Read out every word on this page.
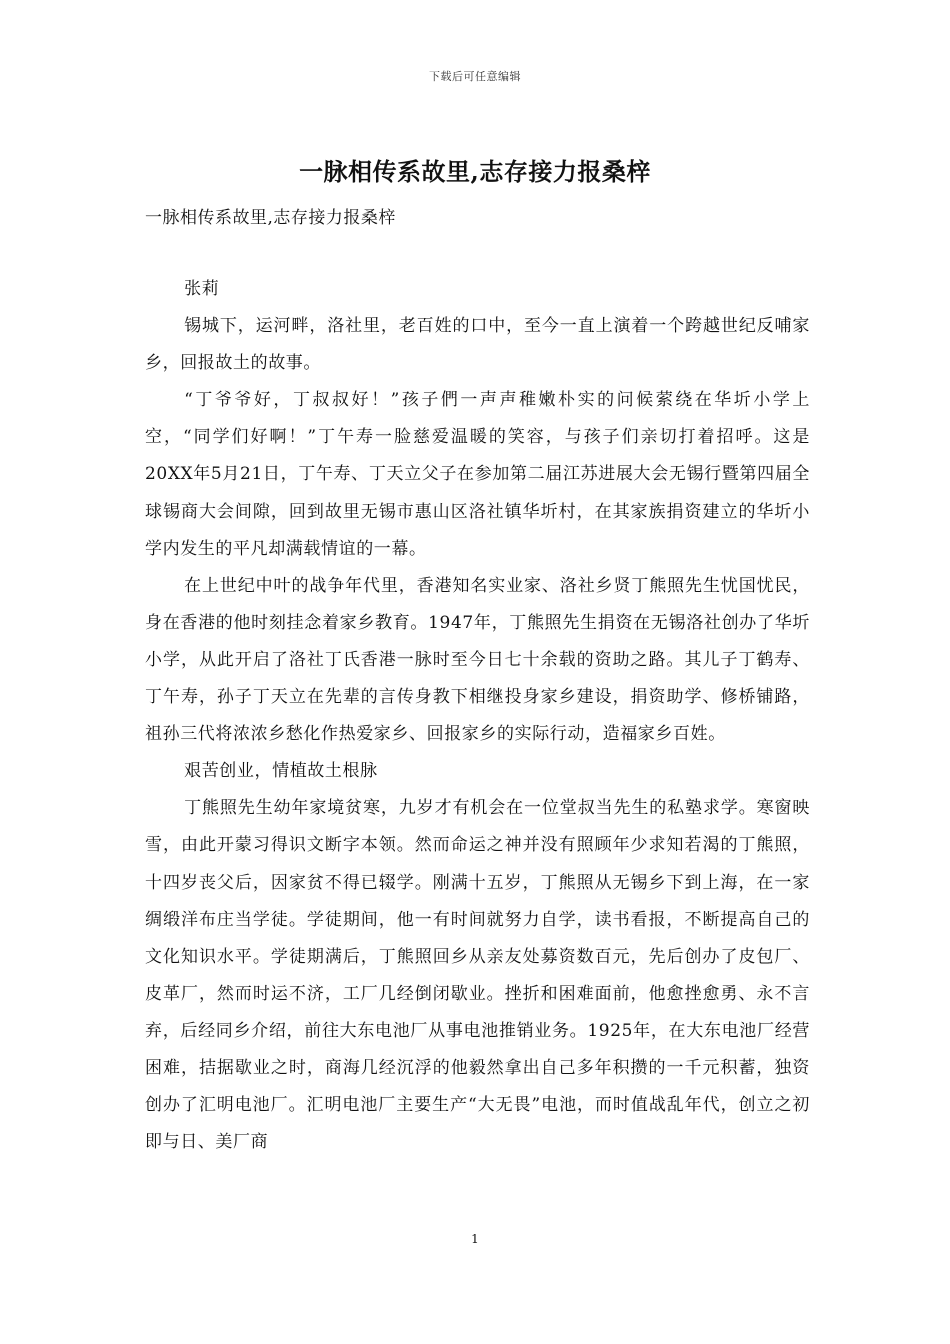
下载后可任意编辑
一脉相传系故里,志存接力报桑梓
一脉相传系故里,志存接力报桑梓

张莉

锡城下，运河畔，洛社里，老百姓的口中，至今一直上演着一个跨越世纪反哺家乡，回报故土的故事。

“丁爷爷好，丁叔叔好！”孩子們一声声稚嫩朴实的问候萦绕在华圻小学上空，“同学们好啊！”丁午寿一脸慈爱温暖的笑容，与孩子们亲切打着招呼。这是20XX年5月21日，丁午寿、丁天立父子在参加第二届江苏进展大会无锡行暨第四届全球锡商大会间隙，回到故里无锡市惠山区洛社镇华圻村，在其家族捐资建立的华圻小学内发生的平凡却满载情谊的一幕。

在上世纪中叶的战争年代里，香港知名实业家、洛社乡贤丁熊照先生忧国忧民，身在香港的他时刻挂念着家乡教育。1947年，丁熊照先生捐资在无锡洛社创办了华圻小学，从此开启了洛社丁氏香港一脉时至今日七十余载的资助之路。其儿子丁鹤寿、丁午寿，孙子丁天立在先辈的言传身教下相继投身家乡建设，捐资助学、修桥铺路，祖孙三代将浓浓乡愁化作热爱家乡、回报家乡的实际行动，造福家乡百姓。

艰苦创业，情植故土根脉

丁熊照先生幼年家境贫寒，九岁才有机会在一位堂叔当先生的私塾求学。寒窗映雪，由此开蒙习得识文断字本领。然而命运之神并没有照顾年少求知若渴的丁熊照，十四岁丧父后，因家贫不得已辍学。刚满十五岁，丁熊照从无锡乡下到上海，在一家绸缎洋布庄当学徒。学徒期间，他一有时间就努力自学，读书看报，不断提高自己的文化知识水平。学徒期满后，丁熊照回乡从亲友处募资数百元，先后创办了皮包厂、皮革厂，然而时运不济，工厂几经倒闭歇业。挫折和困难面前，他愈挫愈勇、永不言弃，后经同乡介绍，前往大东电池厂从事电池推销业务。1925年，在大东电池厂经营困难，拮据歇业之时，商海几经沉浮的他毅然拿出自己多年积攒的一千元积蓄，独资创办了汇明电池厂。汇明电池厂主要生产“大无畏”电池，而时值战乱年代，创立之初即与日、美厂商

1
